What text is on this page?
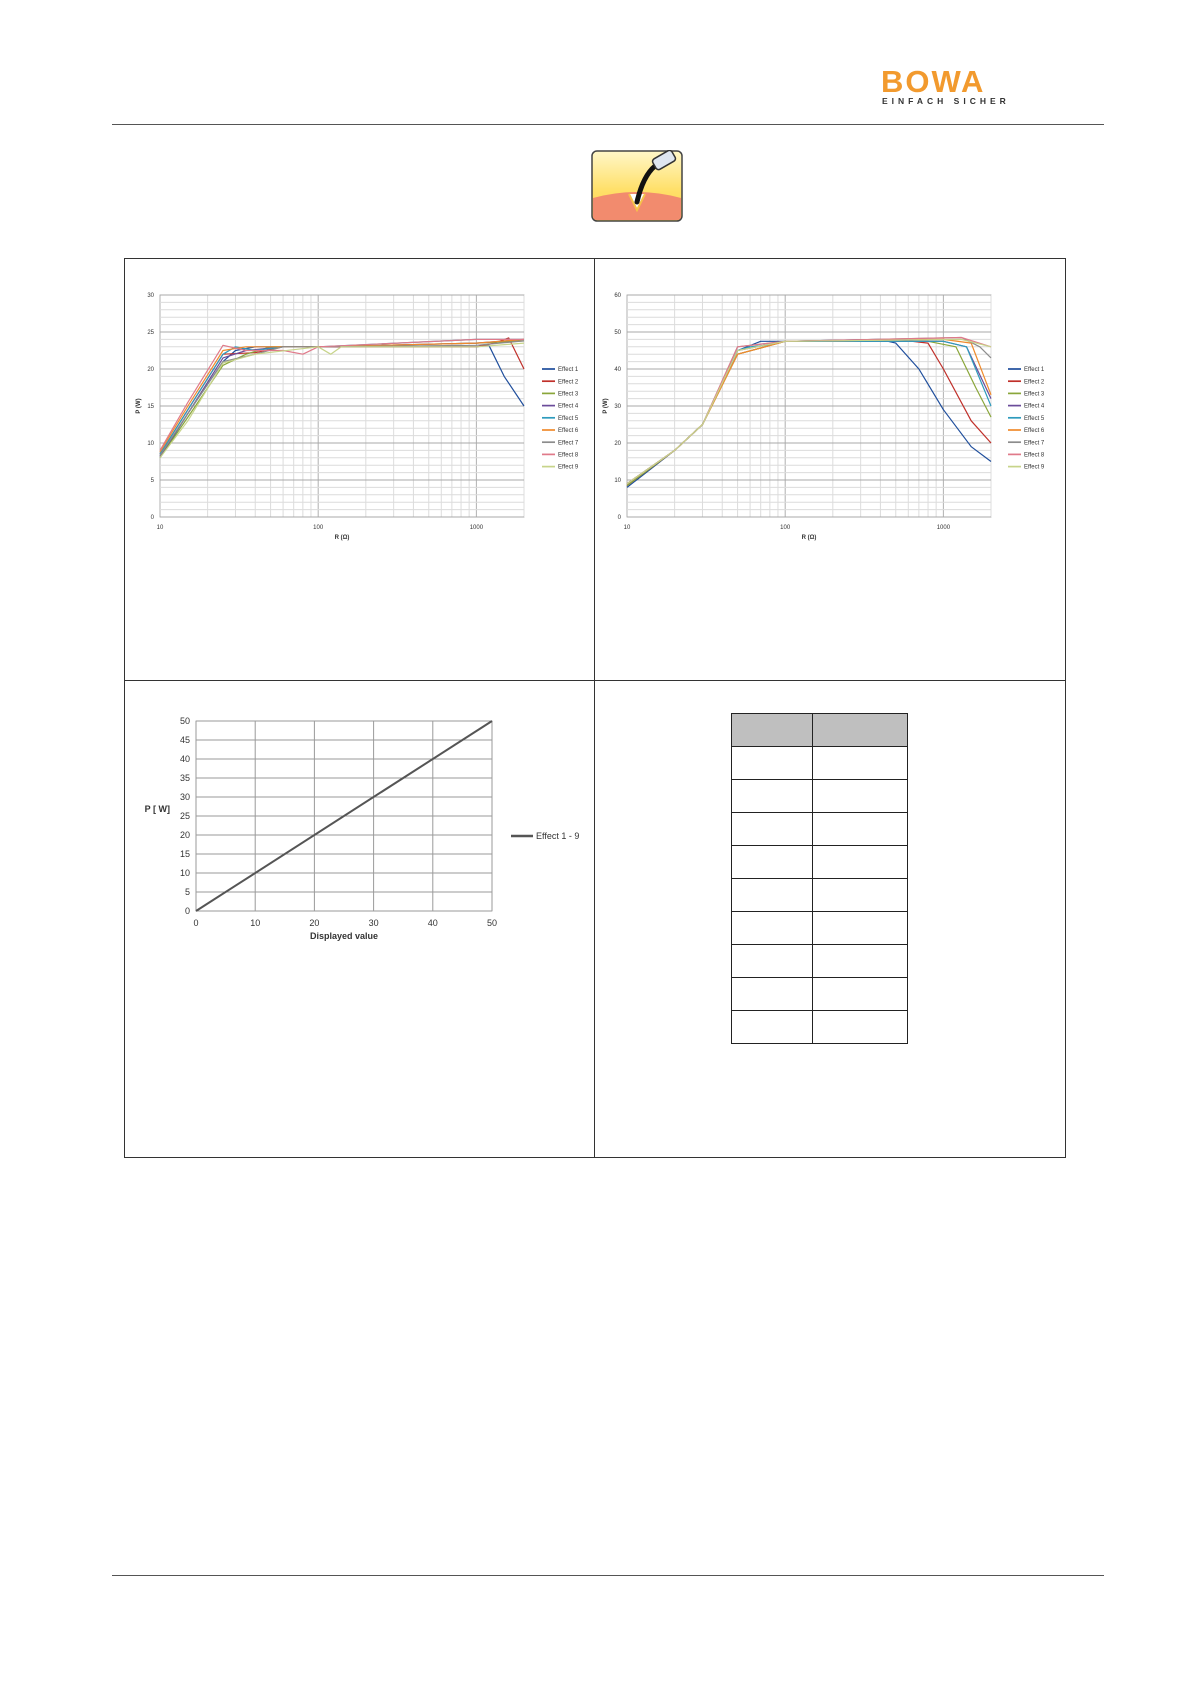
BOWA
EINFACH SICHER
0
5
10
15
20
25
30
10	100	1000
R (Ω)
P (W)
Effect 1
Effect 2
Effect 3
Effect 4
Effect 5
Effect 6
Effect 7
Effect 8
Effect 9
0
10
20
30
40
50
60
10	100	1000
R (Ω)
P (W)
Effect 1
Effect 2
Effect 3
Effect 4
Effect 5
Effect 6
Effect 7
Effect 8
Effect 9
0
5
10
15
20
25
30
35
40
45
50
0	10	20	30	40	50
Displayed value
P [ W]
Effect 1 - 9
